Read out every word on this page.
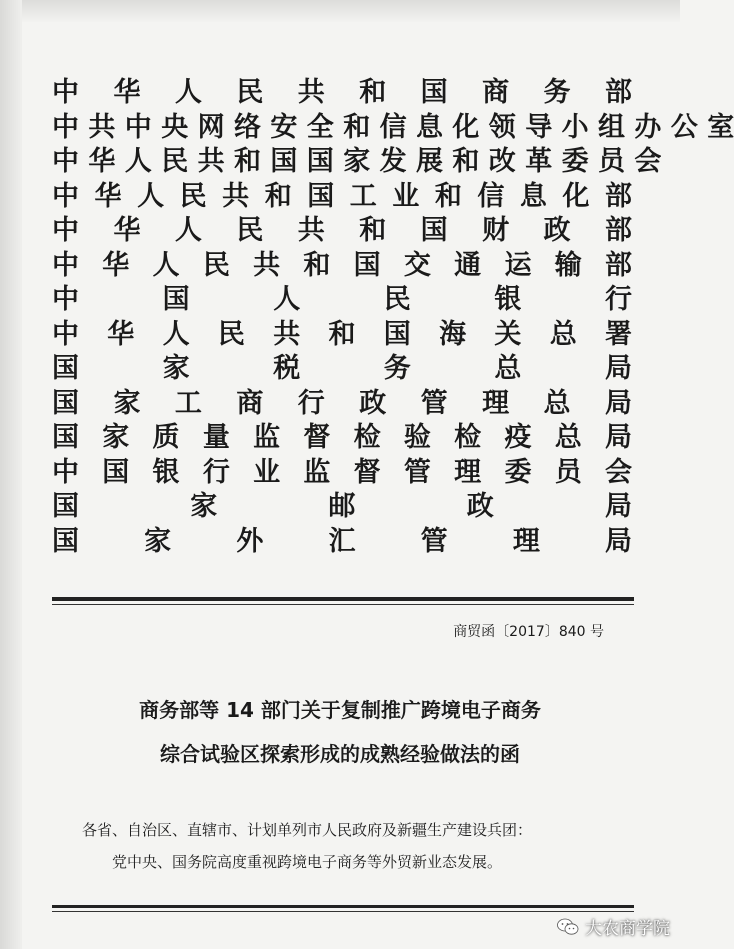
中 华 人 民 共 和 国 商 务 部
中 共 中 央 网 络 安 全 和 信 息 化 领 导 小 组 办 公 室
中 华 人 民 共 和 国 国 家 发 展 和 改 革 委 员 会
中 华 人 民 共 和 国 工 业 和 信 息 化 部
中 华 人 民 共 和 国 财 政 部
中 华 人 民 共 和 国 交 通 运 输 部
中 国 人 民 银 行
中 华 人 民 共 和 国 海 关 总 署
国 家 税 务 总 局
国 家 工 商 行 政 管 理 总 局
国 家 质 量 监 督 检 验 检 疫 总 局
中 国 银 行 业 监 督 管 理 委 员 会
国 家 邮 政 局
国 家 外 汇 管 理 局
商贸函〔2017〕840 号
商务部等 14 部门关于复制推广跨境电子商务
综合试验区探索形成的成熟经验做法的函
各省、自治区、直辖市、计划单列市人民政府及新疆生产建设兵团：
党中央、国务院高度重视跨境电子商务等外贸新业态发展。
大农商学院
